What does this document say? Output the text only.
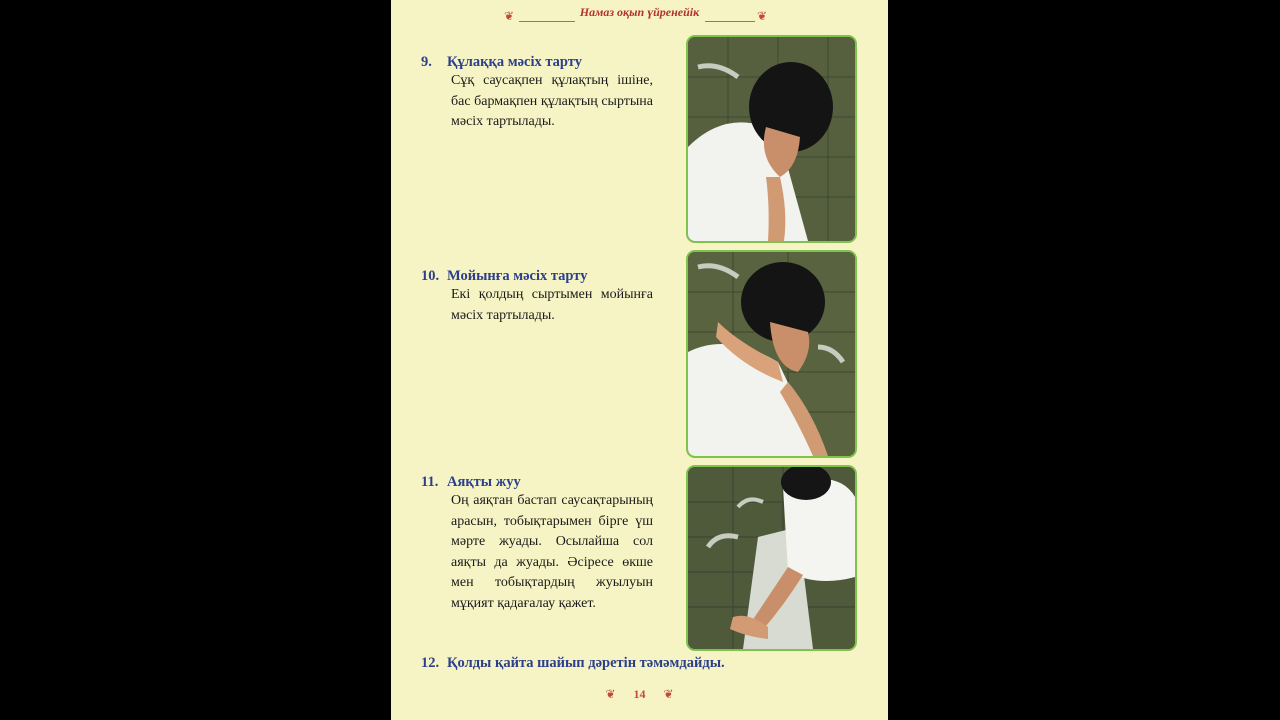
❦	Намаз оқып үйренейік	❦
9. Құлаққа мәсіх тарту
Сұқ саусақпен құлақтың ішіне, бас бармақпен құлақтың сыртына мәсіх тартылады.
10. Мойынға мәсіх тарту
Екі қолдың сыртымен мойынға мәсіх тартылады.
11. Аяқты жуу
Оң аяқтан бастап саусақтарының арасын, тобықтарымен бірге үш мәрте жуады. Осылайша сол аяқты да жуады. Әсіресе өкше мен тобықтардың жуылуын мұқият қадағалау қажет.
12. Қолды қайта шайып дәретін тәмәмдайды.
❦ 14 ❦
